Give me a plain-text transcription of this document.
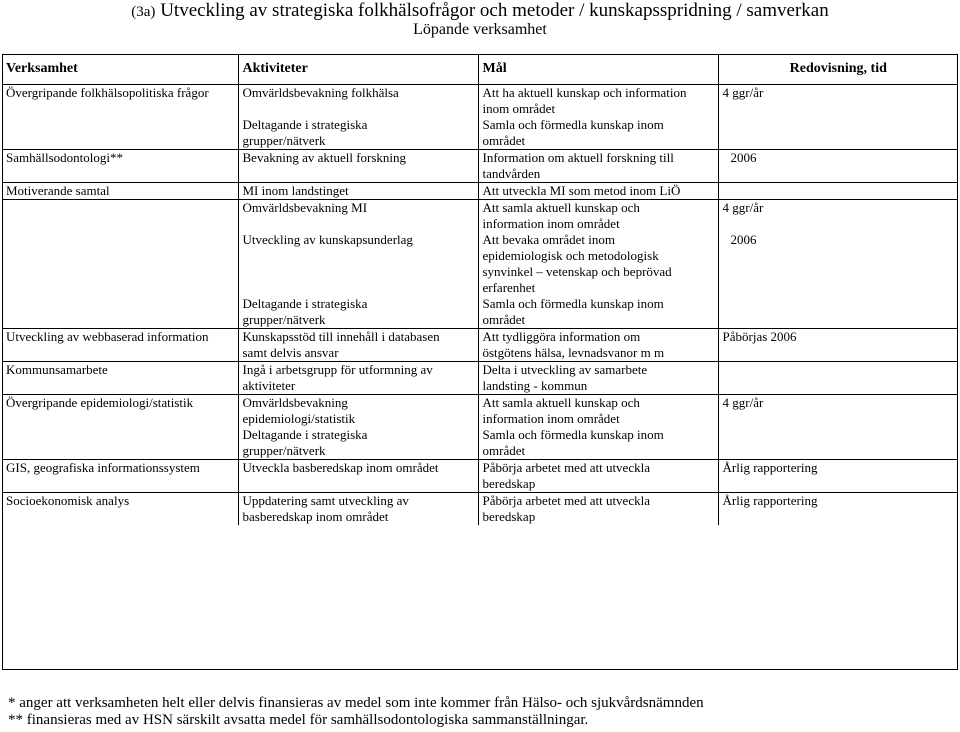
(3a) Utveckling av strategiska folkhälsofrågor och metoder / kunskapsspridning / samverkan
Löpande verksamhet
Verksamhet	Aktiviteter	Mål	Redovisning, tid
Övergripande folkhälsopolitiska frågor	Omvärldsbevakning folkhälsa	Att ha aktuell kunskap och information	4 ggr/år
		inom området	
	Deltagande i strategiska	Samla och förmedla kunskap inom	
	grupper/nätverk	området	
Samhällsodontologi**	Bevakning av aktuell forskning	Information om aktuell forskning till	2006
		tandvården	
Motiverande samtal	MI inom landstinget	Att utveckla MI som metod inom LiÖ	
	Omvärldsbevakning MI	Att samla aktuell kunskap och	4 ggr/år
		information inom området	
	Utveckling av kunskapsunderlag	Att bevaka området inom	2006
		epidemiologisk och metodologisk	
		synvinkel – vetenskap och beprövad	
		erfarenhet	
	Deltagande i strategiska	Samla och förmedla kunskap inom	
	grupper/nätverk	området	
Utveckling av webbaserad information	Kunskapsstöd till innehåll i databasen	Att tydliggöra information om	Påbörjas 2006
	samt delvis ansvar	östgötens hälsa, levnadsvanor m m	
Kommunsamarbete	Ingå i arbetsgrupp för utformning av	Delta i utveckling av samarbete	
	aktiviteter	landsting - kommun	
Övergripande epidemiologi/statistik	Omvärldsbevakning	Att samla aktuell kunskap och	4 ggr/år
	epidemiologi/statistik	information inom området	
	Deltagande i strategiska	Samla och förmedla kunskap inom	
	grupper/nätverk	området	
GIS, geografiska informationssystem	Utveckla basberedskap inom området	Påbörja arbetet med att utveckla	Årlig rapportering
		beredskap	
Socioekonomisk analys	Uppdatering samt utveckling av	Påbörja arbetet med att utveckla	Årlig rapportering
	basberedskap inom området	beredskap	
* anger att verksamheten helt eller delvis finansieras av medel som inte kommer från Hälso- och sjukvårdsnämnden
** finansieras med av HSN särskilt avsatta medel för samhällsodontologiska sammanställningar.
